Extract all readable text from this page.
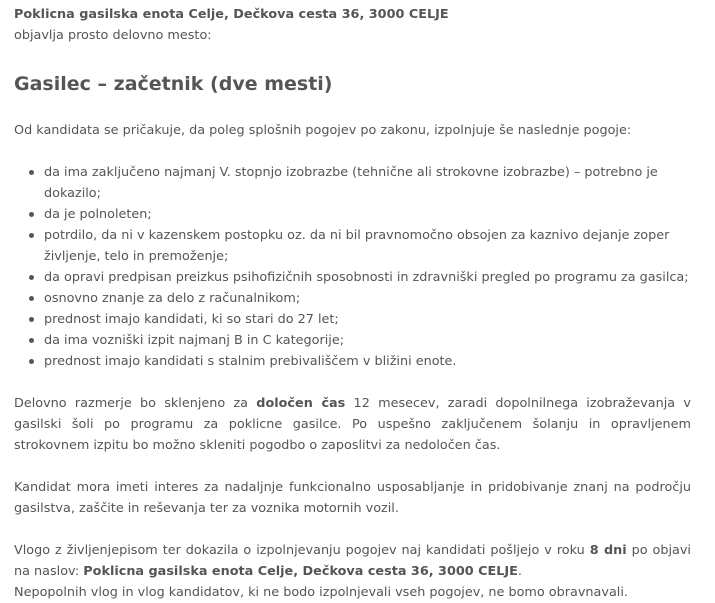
Poklicna gasilska enota Celje, Dečkova cesta 36, 3000 CELJE

objavlja prosto delovno mesto:

Gasilec – začetnik (dve mesti)

Od kandidata se pričakuje, da poleg splošnih pogojev po zakonu, izpolnjuje še naslednje pogoje:

da ima zaključeno najmanj V. stopnjo izobrazbe (tehnične ali strokovne izobrazbe) – potrebno je dokazilo;
da je polnoleten;
potrdilo, da ni v kazenskem postopku oz. da ni bil pravnomočno obsojen za kaznivo dejanje zoper življenje, telo in premoženje;
da opravi predpisan preizkus psihofizičnih sposobnosti in zdravniški pregled po programu za gasilca;
osnovno znanje za delo z računalnikom;
prednost imajo kandidati, ki so stari do 27 let;
da ima vozniški izpit najmanj B in C kategorije;
prednost imajo kandidati s stalnim prebivališčem v bližini enote.

Delovno razmerje bo sklenjeno za določen čas 12 mesecev, zaradi dopolnilnega izobraževanja v gasilski šoli po programu za poklicne gasilce. Po uspešno zaključenem šolanju in opravljenem strokovnem izpitu bo možno skleniti pogodbo o zaposlitvi za nedoločen čas.

Kandidat mora imeti interes za nadaljnje funkcionalno usposabljanje in pridobivanje znanj na področju gasilstva, zaščite in reševanja ter za voznika motornih vozil.

Vlogo z življenjepisom ter dokazila o izpolnjevanju pogojev naj kandidati pošljejo v roku 8 dni po objavi na naslov: Poklicna gasilska enota Celje, Dečkova cesta 36, 3000 CELJE.

Nepopolnih vlog in vlog kandidatov, ki ne bodo izpolnjevali vseh pogojev, ne bomo obravnavali.
